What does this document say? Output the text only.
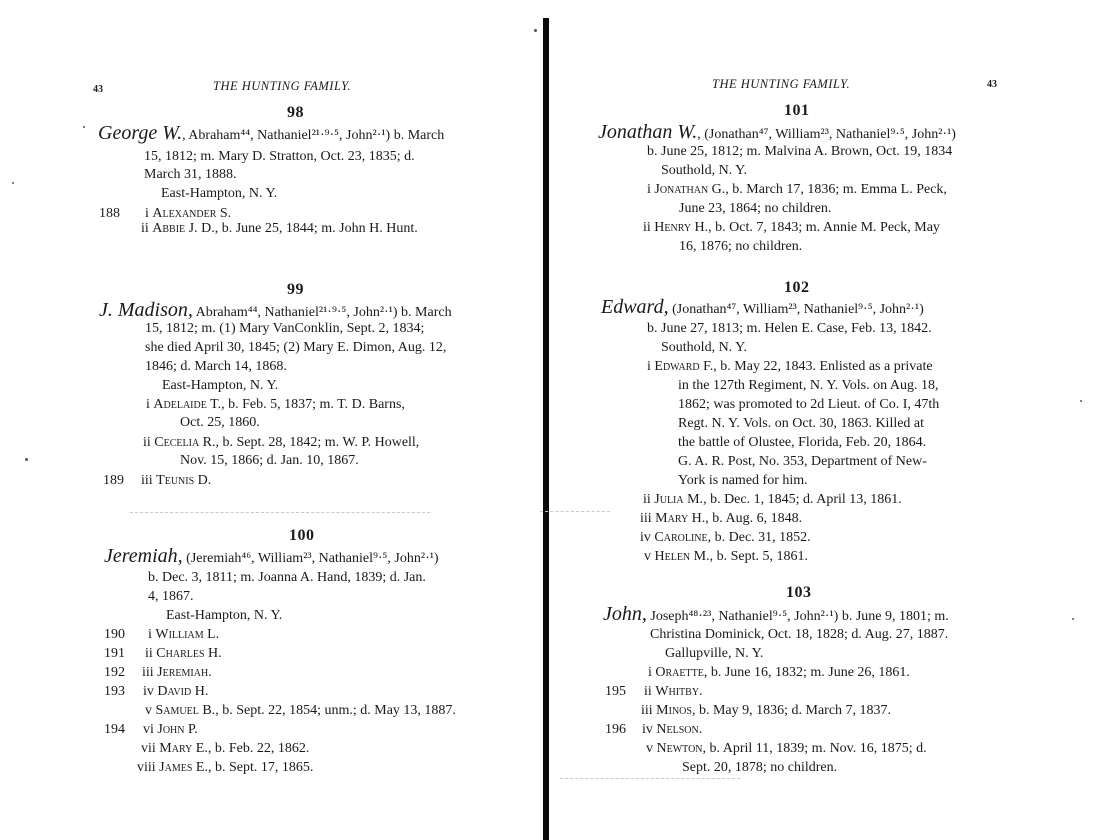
43	THE HUNTING FAMILY.
98
George W., Abraham⁴⁴, Nathaniel²¹·⁹·⁵, John²·¹) b. March
15, 1812; m. Mary D. Stratton, Oct. 23, 1835; d.
March 31, 1888.
East-Hampton, N. Y.
188 i Alexander S.
ii Abbie J. D., b. June 25, 1844; m. John H. Hunt.
99
J. Madison, Abraham⁴⁴, Nathaniel²¹·⁹·⁵, John²·¹) b. March
15, 1812; m. (1) Mary VanConklin, Sept. 2, 1834;
she died April 30, 1845; (2) Mary E. Dimon, Aug. 12,
1846; d. March 14, 1868.
East-Hampton, N. Y.
i Adelaide T., b. Feb. 5, 1837; m. T. D. Barns,
Oct. 25, 1860.
ii Cecelia R., b. Sept. 28, 1842; m. W. P. Howell,
Nov. 15, 1866; d. Jan. 10, 1867.
189 iii Teunis D.
100
Jeremiah, (Jeremiah⁴⁶, William²³, Nathaniel⁹·⁵, John²·¹)
b. Dec. 3, 1811; m. Joanna A. Hand, 1839; d. Jan.
4, 1867.
East-Hampton, N. Y.
190 i William L.
191 ii Charles H.
192 iii Jeremiah.
193 iv David H.
v Samuel B., b. Sept. 22, 1854; unm.; d. May 13, 1887.
194 vi John P.
vii Mary E., b. Feb. 22, 1862.
viii James E., b. Sept. 17, 1865.
THE HUNTING FAMILY.	43
101
Jonathan W., (Jonathan⁴⁷, William²³, Nathaniel⁹·⁵, John²·¹)
b. June 25, 1812; m. Malvina A. Brown, Oct. 19, 1834
Southold, N. Y.
i Jonathan G., b. March 17, 1836; m. Emma L. Peck,
June 23, 1864; no children.
ii Henry H., b. Oct. 7, 1843; m. Annie M. Peck, May
16, 1876; no children.
102
Edward, (Jonathan⁴⁷, William²³, Nathaniel⁹·⁵, John²·¹)
b. June 27, 1813; m. Helen E. Case, Feb. 13, 1842.
Southold, N. Y.
i Edward F., b. May 22, 1843. Enlisted as a private
in the 127th Regiment, N. Y. Vols. on Aug. 18,
1862; was promoted to 2d Lieut. of Co. I, 47th
Regt. N. Y. Vols. on Oct. 30, 1863. Killed at
the battle of Olustee, Florida, Feb. 20, 1864.
G. A. R. Post, No. 353, Department of New-
York is named for him.
ii Julia M., b. Dec. 1, 1845; d. April 13, 1861.
iii Mary H., b. Aug. 6, 1848.
iv Caroline, b. Dec. 31, 1852.
v Helen M., b. Sept. 5, 1861.
103
John, Joseph⁴⁸·²³, Nathaniel⁹·⁵, John²·¹) b. June 9, 1801; m.
Christina Dominick, Oct. 18, 1828; d. Aug. 27, 1887.
Gallupville, N. Y.
i Oraette, b. June 16, 1832; m. June 26, 1861.
195 ii Whitby.
iii Minos, b. May 9, 1836; d. March 7, 1837.
196 iv Nelson.
v Newton, b. April 11, 1839; m. Nov. 16, 1875; d.
Sept. 20, 1878; no children.
